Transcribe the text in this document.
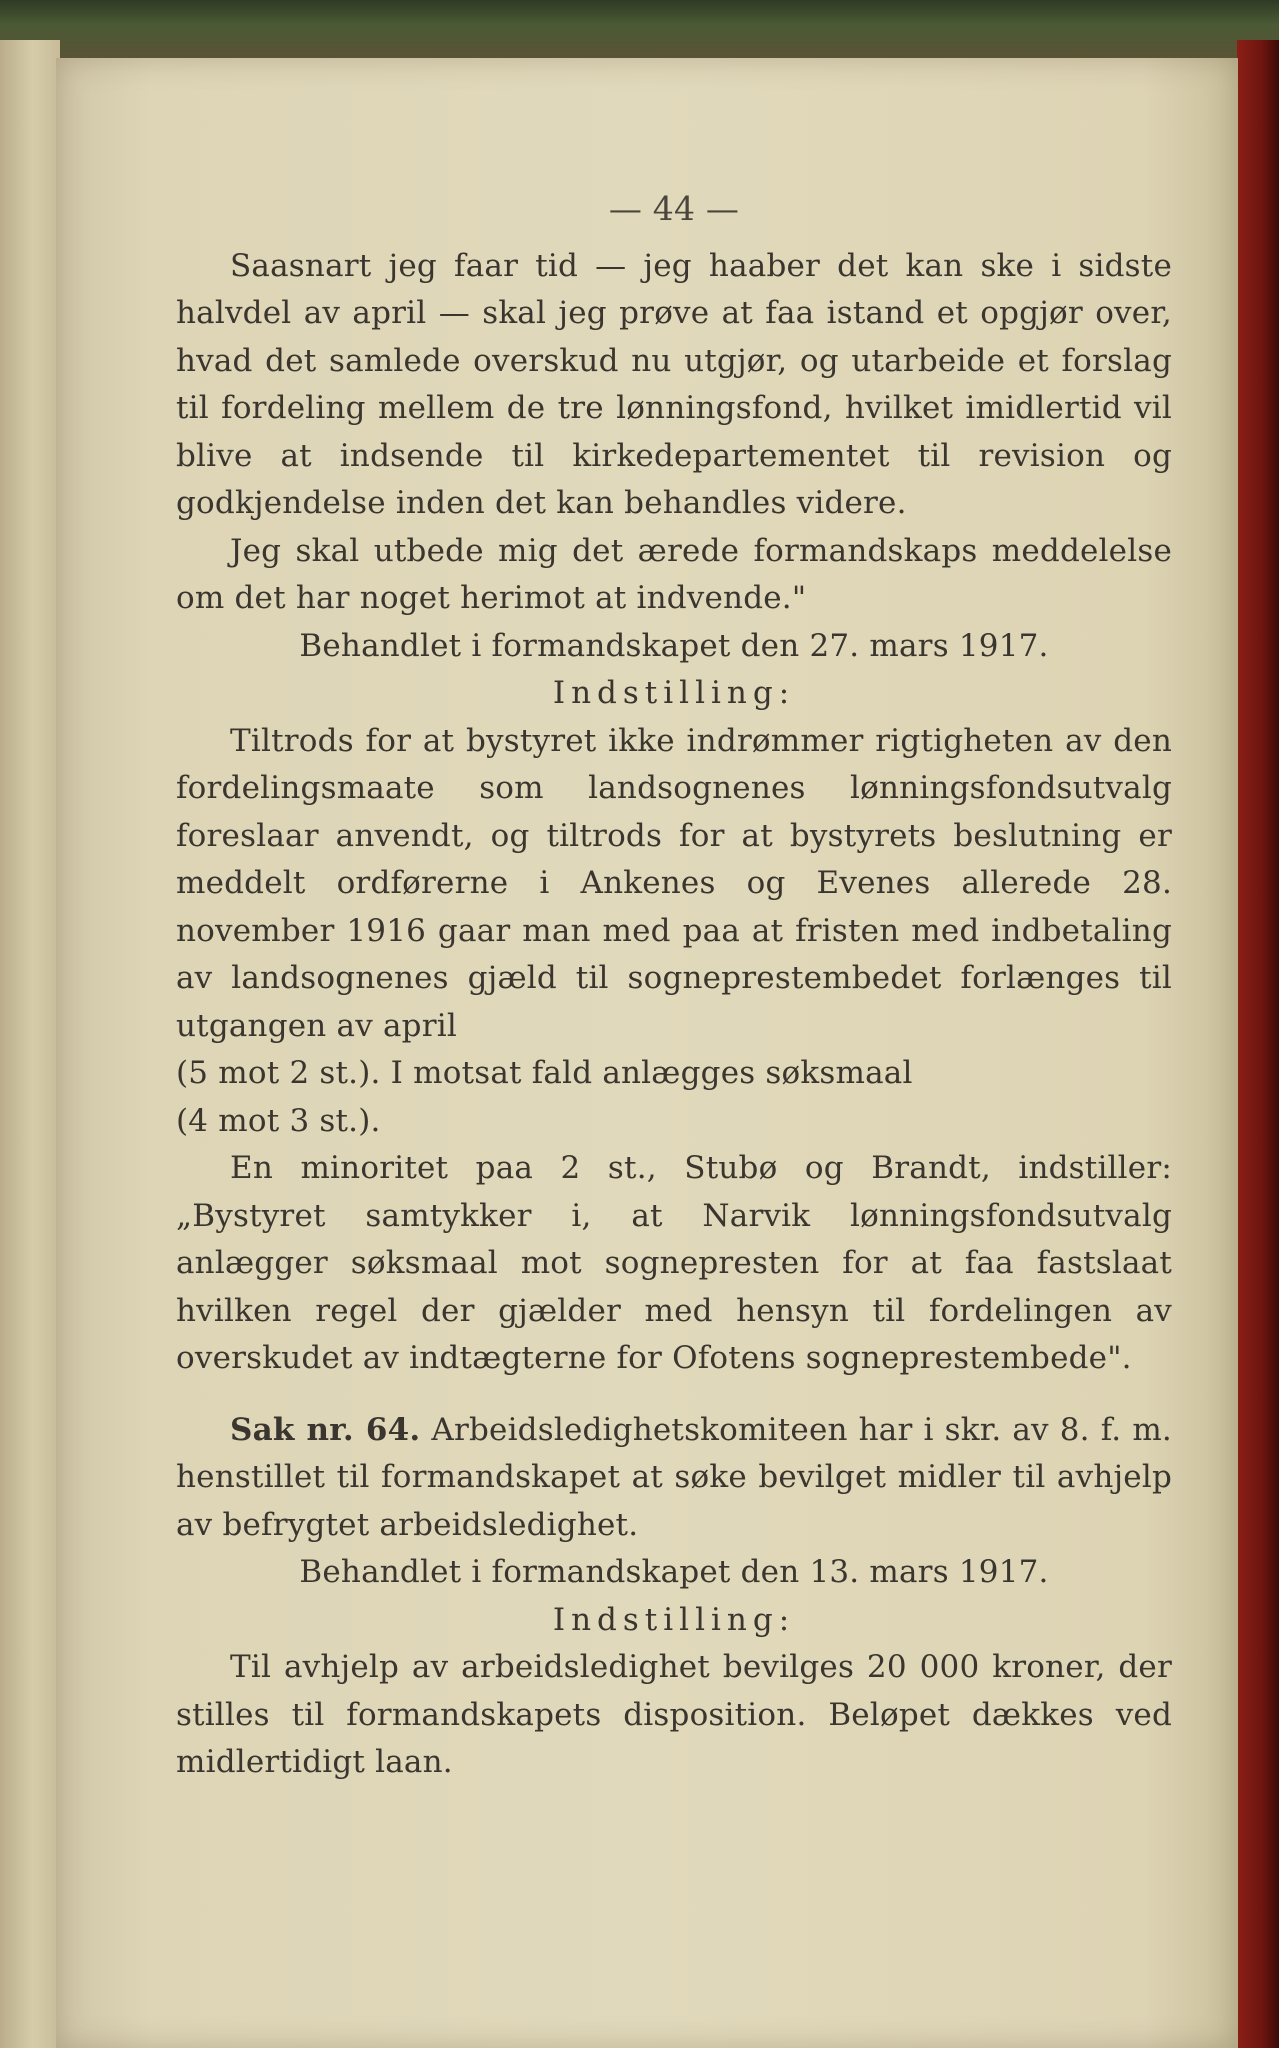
— 44 —

Saasnart jeg faar tid — jeg haaber det kan ske i sidste halvdel av april — skal jeg prøve at faa istand et opgjør over, hvad det samlede overskud nu utgjør, og utarbeide et forslag til fordeling mellem de tre lønningsfond, hvilket imidlertid vil blive at indsende til kirkedepartementet til revision og godkjendelse inden det kan behandles videre.

Jeg skal utbede mig det ærede formandskaps meddelelse om det har noget herimot at indvende."

Behandlet i formandskapet den 27. mars 1917.

Indstilling:

Tiltrods for at bystyret ikke indrømmer rigtigheten av den fordelingsmaate som landsognenes lønningsfondsutvalg foreslaar anvendt, og tiltrods for at bystyrets beslutning er meddelt ordførerne i Ankenes og Evenes allerede 28. november 1916 gaar man med paa at fristen med indbetaling av landsognenes gjæld til sogneprestembedet forlænges til utgangen av april

(5 mot 2 st.). I motsat fald anlægges søksmaal

(4 mot 3 st.).

En minoritet paa 2 st., Stubø og Brandt, indstiller: „Bystyret samtykker i, at Narvik lønningsfondsutvalg anlægger søksmaal mot sognepresten for at faa fastslaat hvilken regel der gjælder med hensyn til fordelingen av overskudet av indtægterne for Ofotens sogneprestembede".

Sak nr. 64. Arbeidsledighetskomiteen har i skr. av 8. f. m. henstillet til formandskapet at søke bevilget midler til avhjelp av befrygtet arbeidsledighet.

Behandlet i formandskapet den 13. mars 1917.

Indstilling:

Til avhjelp av arbeidsledighet bevilges 20 000 kroner, der stilles til formandskapets disposition. Beløpet dækkes ved midlertidigt laan.
